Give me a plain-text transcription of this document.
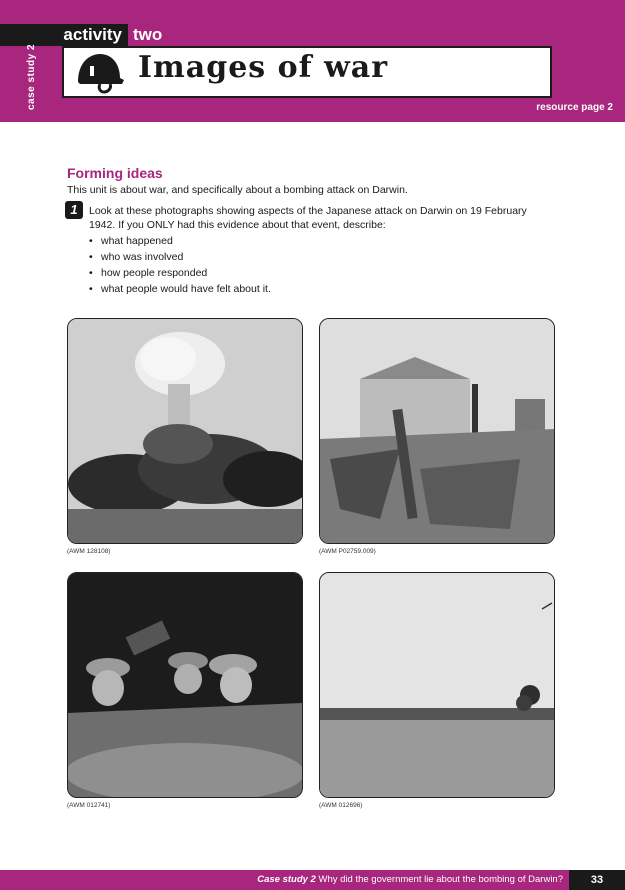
activity two
case study 2	Images of war
resource page 2
Forming ideas
This unit is about war, and specifically about a bombing attack on Darwin.
1	Look at these photographs showing aspects of the Japanese attack on Darwin on 19 February 1942. If you ONLY had this evidence about that event, describe:
• what happened
• who was involved
• how people responded
• what people would have felt about it.
(AWM 128108)	(AWM P02759.009)
(AWM 012741)	(AWM 012696)
Case study 2 Why did the government lie about the bombing of Darwin?	33
